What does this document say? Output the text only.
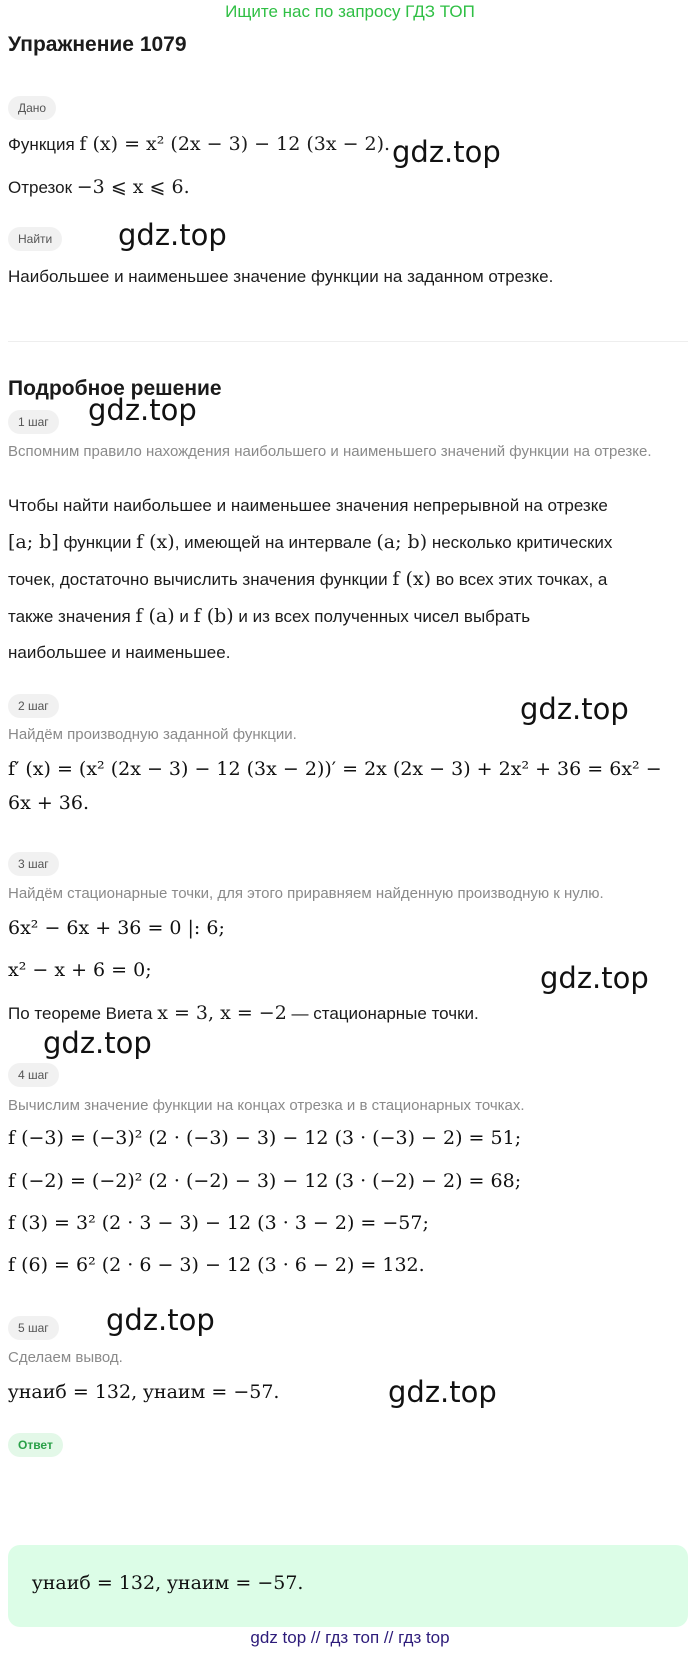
Ищите нас по запросу ГДЗ ТОП
Упражнение 1079
Дано
Функция f (x) = x² (2x − 3) − 12 (3x − 2).
Отрезок −3 ⩽ x ⩽ 6.
Найти
Наибольшее и наименьшее значение функции на заданном отрезке.
Подробное решение
1 шаг
Вспомним правило нахождения наибольшего и наименьшего значений функции на отрезке.
Чтобы найти наибольшее и наименьшее значения непрерывной на отрезке
[a; b] функции f (x), имеющей на интервале (a; b) несколько критических
точек, достаточно вычислить значения функции f (x) во всех этих точках, а
также значения f (a) и f (b) и из всех полученных чисел выбрать
наибольшее и наименьшее.
2 шаг
Найдём производную заданной функции.
f′ (x) = (x² (2x − 3) − 12 (3x − 2))′ = 2x (2x − 3) + 2x² + 36 = 6x² −
6x + 36.
3 шаг
Найдём стационарные точки, для этого приравняем найденную производную к нулю.
6x² − 6x + 36 = 0 |: 6;
x² − x + 6 = 0;
По теореме Виета x = 3, x = −2 — стационарные точки.
4 шаг
Вычислим значение функции на концах отрезка и в стационарных точках.
f (−3) = (−3)² (2 · (−3) − 3) − 12 (3 · (−3) − 2) = 51;
f (−2) = (−2)² (2 · (−2) − 3) − 12 (3 · (−2) − 2) = 68;
f (3) = 3² (2 · 3 − 3) − 12 (3 · 3 − 2) = −57;
f (6) = 6² (2 · 6 − 3) − 12 (3 · 6 − 2) = 132.
5 шаг
Сделаем вывод.
yнаиб = 132, yнаим = −57.
Ответ
yнаиб = 132, yнаим = −57.
gdz top // гдз топ // гдз top
gdz.top
gdz.top
gdz.top
gdz.top
gdz.top
gdz.top
gdz.top
gdz.top
